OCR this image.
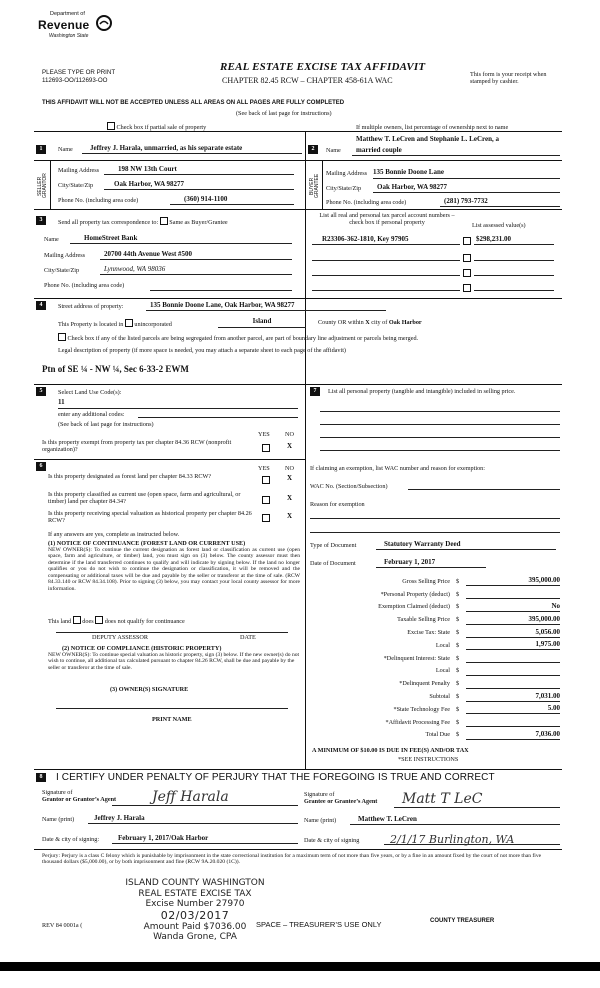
Department of
Revenue
Washington State
PLEASE TYPE OR PRINT
112693-OO/112693-OO
REAL ESTATE EXCISE TAX AFFIDAVIT
CHAPTER 82.45 RCW – CHAPTER 458-61A WAC
This form is your receipt when stamped by cashier.
THIS AFFIDAVIT WILL NOT BE ACCEPTED UNLESS ALL AREAS ON ALL PAGES ARE FULLY COMPLETED
(See back of last page for instructions)
Check box if partial sale of property	If multiple owners, list percentage of ownership next to name
1
SELLER GRANTOR
Name	Jeffrey J. Harala, unmarried, as his separate estate
Mailing Address	198 NW 13th Court
City/State/Zip	Oak Harbor, WA 98277
Phone No. (including area code)	(360) 914-1100
2
BUYER GRANTEE
Name
Matthew T. LeCren and Stephanie L. LeCren, a
married couple
Mailing Address 135 Bonnie Doone Lane
City/State/Zip	Oak Harbor, WA 98277
Phone No. (including area code)	(281) 793-7732
3	Send all property tax correspondence to: Same as Buyer/Grantee
Name	HomeStreet Bank
Mailing Address	20700 44th Avenue West #500
City/State/Zip	Lynnwood, WA 98036
Phone No. (including area code)
List all real and personal tax parcel account numbers – check box if personal property	List assessed value(s)
R23306-362-1810, Key 97905	$298,231.00
4	Street address of property:	135 Bonnie Doone Lane, Oak Harbor, WA 98277
This Property is located in unincorporated	Island	County OR within X city of Oak Harbor
Check box if any of the listed parcels are being segregated from another parcel, are part of boundary line adjustment or parcels being merged.
Legal description of property (if more space is needed, you may attach a separate sheet to each page of the affidavit)
Ptn of SE ¼ - NW ¼, Sec 6-33-2 EWM
5	Select Land Use Code(s):
11
enter any additional codes:
(See back of last page for instructions)
YES NO
Is this property exempt from property tax per chapter 84.36 RCW (nonprofit organization)?	X
6	YES NO
Is this property designated as forest land per chapter 84.33 RCW?	X
Is this property classified as current use (open space, farm and agricultural, or timber) land per chapter 84.34?	X
Is this property receiving special valuation as historical property per chapter 84.26 RCW?
X
If any answers are yes, complete as instructed below.
(1) NOTICE OF CONTINUANCE (FOREST LAND OR CURRENT USE)
NEW OWNER(S): To continue the current designation as forest land or classification as current use (open space, farm and agriculture, or timber) land, you must sign on (3) below. The county assessor must then determine if the land transferred continues to qualify and will indicate by signing below. If the land no longer qualifies or you do not wish to continue the designation or classification, it will be removed and the compensating or additional taxes will be due and payable by the seller or transferor at the time of sale. (RCW 84.33.140 or RCW 84.34.108). Prior to signing (3) below, you may contact your local county assessor for more information.
This land does does not qualify for continuance
DEPUTY ASSESSOR	DATE
(2) NOTICE OF COMPLIANCE (HISTORIC PROPERTY)
NEW OWNER(S): To continue special valuation as historic property, sign (3) below. If the new owner(s) do not wish to continue, all additional tax calculated pursuant to chapter 84.26 RCW, shall be due and payable by the seller or transferor at the time of sale.
(3) OWNER(S) SIGNATURE
PRINT NAME
7	List all personal property (tangible and intangible) included in selling price.
If claiming an exemption, list WAC number and reason for exemption:
WAC No. (Section/Subsection)
Reason for exemption
Type of Document	Statutory Warranty Deed
Date of Document	February 1, 2017
Gross Selling Price $	395,000.00
*Personal Property (deduct) $
Exemption Claimed (deduct) $	No
Taxable Selling Price $	395,000.00
Excise Tax: State $	5,056.00
Local $	1,975.00
*Delinquent Interest: State $
Local $
*Delinquent Penalty $
Subtotal $	7,031.00
*State Technology Fee $	5.00
*Affidavit Processing Fee $
Total Due $	7,036.00
A MINIMUM OF $10.00 IS DUE IN FEE(S) AND/OR TAX
*SEE INSTRUCTIONS
8	I CERTIFY UNDER PENALTY OF PERJURY THAT THE FOREGOING IS TRUE AND CORRECT
Signature of
Grantor or Grantor’s Agent	Jeff Harala
Name (print)	Jeffrey J. Harala
Date & city of signing:	February 1, 2017/Oak Harbor
Signature of
Grantee or Grantee’s Agent	Matt T LeC
Name (print)	Matthew T. LeCren
Date & city of signing	2/1/17 Burlington, WA
Perjury: Perjury is a class C felony which is punishable by imprisonment in the state correctional institution for a maximum term of not more than five years, or by a fine in an amount fixed by the court of not more than five thousand dollars ($5,000.00), or by both imprisonment and fine (RCW 9A.20.020 (1C)).
ISLAND COUNTY WASHINGTON
REAL ESTATE EXCISE TAX
Excise Number 27970
02/03/2017
Amount Paid $7036.00
Wanda Grone, CPA
REV 84 0001a (	SPACE – TREASURER’S USE ONLY	COUNTY TREASURER
